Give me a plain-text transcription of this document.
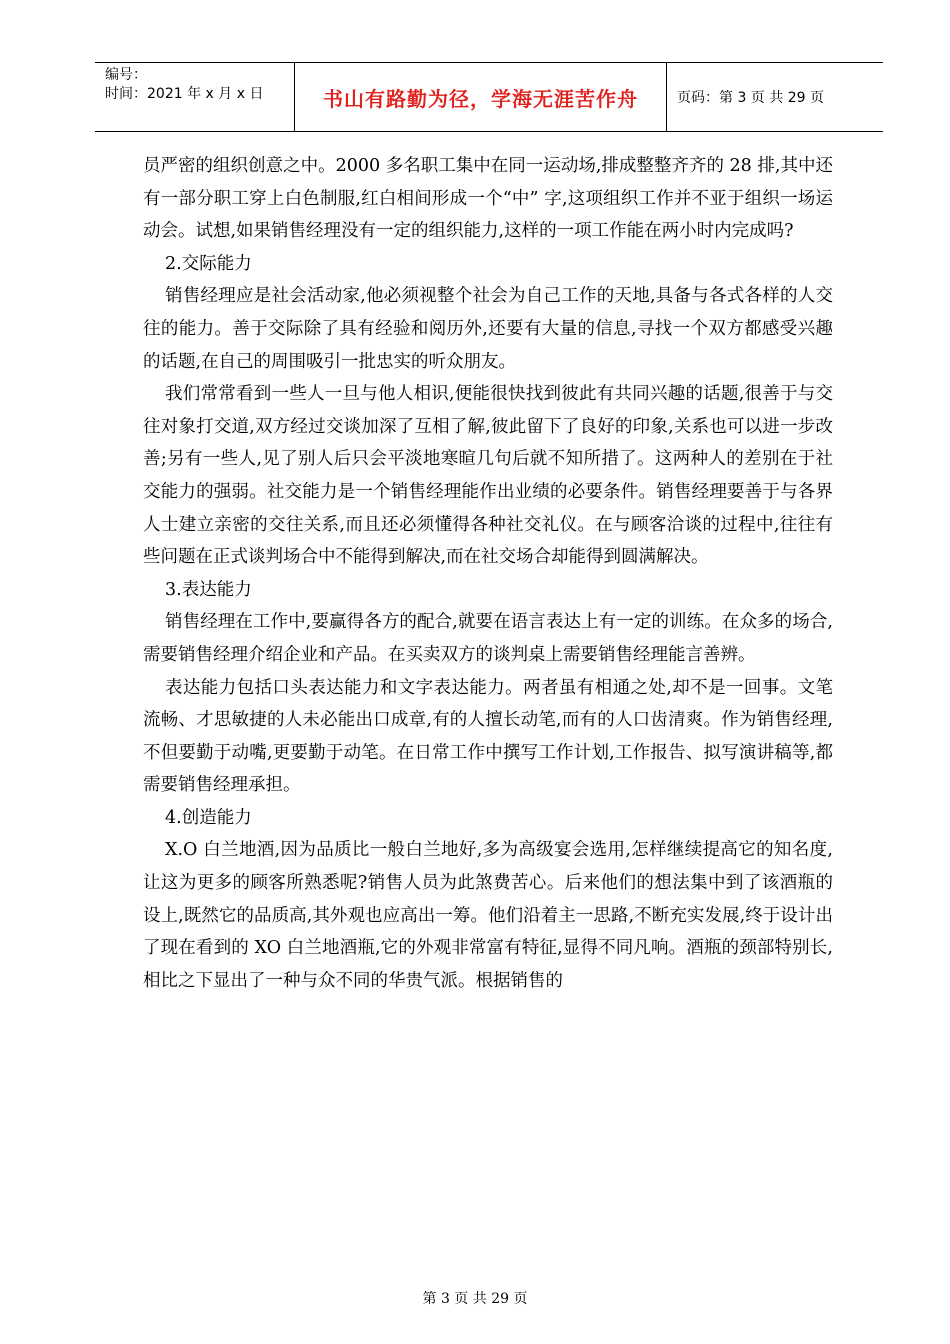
编号：
时间：2021 年 x 月 x 日	书山有路勤为径，学海无涯苦作舟	页码：第 3 页 共 29 页

员严密的组织创意之中。2000 多名职工集中在同一运动场,排成整整齐齐的 28 排,其中还有一部分职工穿上白色制服,红白相间形成一个“中” 字,这项组织工作并不亚于组织一场运动会。试想,如果销售经理没有一定的组织能力,这样的一项工作能在两小时内完成吗?

2.交际能力

销售经理应是社会活动家,他必须视整个社会为自己工作的天地,具备与各式各样的人交往的能力。善于交际除了具有经验和阅历外,还要有大量的信息,寻找一个双方都感受兴趣的话题,在自己的周围吸引一批忠实的听众朋友。

我们常常看到一些人一旦与他人相识,便能很快找到彼此有共同兴趣的话题,很善于与交往对象打交道,双方经过交谈加深了互相了解,彼此留下了良好的印象,关系也可以进一步改善;另有一些人,见了别人后只会平淡地寒暄几句后就不知所措了。这两种人的差别在于社交能力的强弱。社交能力是一个销售经理能作出业绩的必要条件。销售经理要善于与各界人士建立亲密的交往关系,而且还必须懂得各种社交礼仪。在与顾客洽谈的过程中,往往有些问题在正式谈判场合中不能得到解决,而在社交场合却能得到圆满解决。

3.表达能力

销售经理在工作中,要赢得各方的配合,就要在语言表达上有一定的训练。在众多的场合,需要销售经理介绍企业和产品。在买卖双方的谈判桌上需要销售经理能言善辨。

表达能力包括口头表达能力和文字表达能力。两者虽有相通之处,却不是一回事。文笔流畅、才思敏捷的人未必能出口成章,有的人擅长动笔,而有的人口齿清爽。作为销售经理,不但要勤于动嘴,更要勤于动笔。在日常工作中撰写工作计划,工作报告、拟写演讲稿等,都需要销售经理承担。

4.创造能力

X.O 白兰地酒,因为品质比一般白兰地好,多为高级宴会选用,怎样继续提高它的知名度,让这为更多的顾客所熟悉呢?销售人员为此煞费苦心。后来他们的想法集中到了该酒瓶的设上,既然它的品质高,其外观也应高出一筹。他们沿着主一思路,不断充实发展,终于设计出了现在看到的 XO 白兰地酒瓶,它的外观非常富有特征,显得不同凡响。酒瓶的颈部特别长,相比之下显出了一种与众不同的华贵气派。根据销售的

第 3 页 共 29 页
